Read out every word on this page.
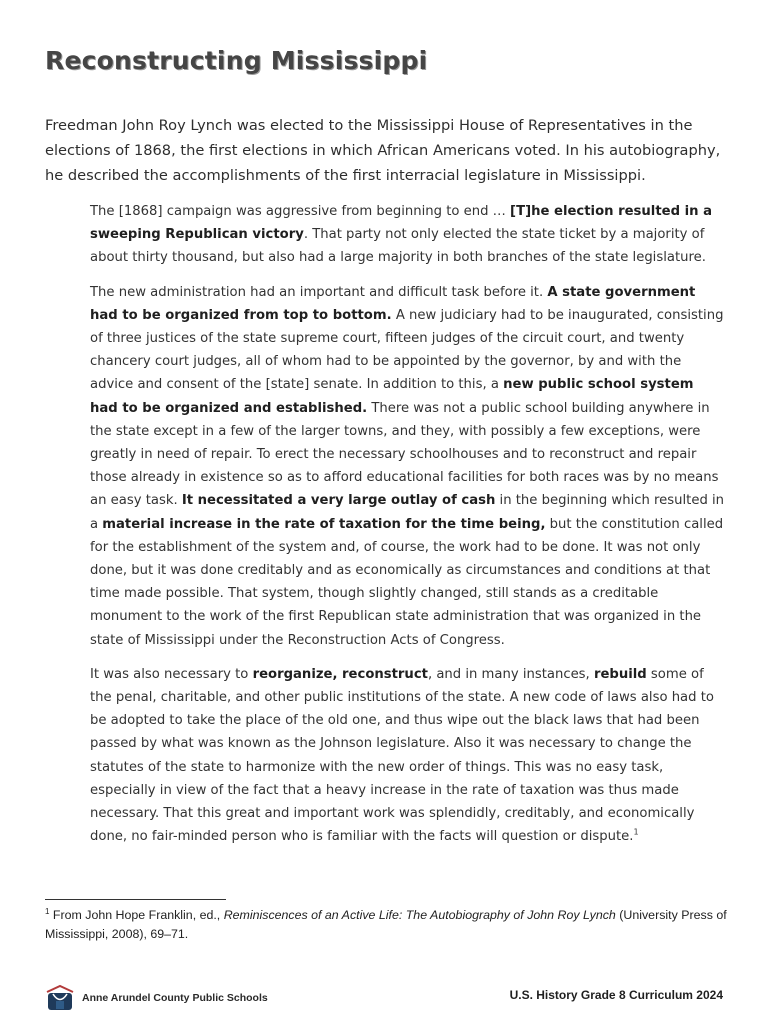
Reconstructing Mississippi

Freedman John Roy Lynch was elected to the Mississippi House of Representatives in the elections of 1868, the first elections in which African Americans voted. In his autobiography, he described the accomplishments of the first interracial legislature in Mississippi.

The [1868] campaign was aggressive from beginning to end … [T]he election resulted in a sweeping Republican victory. That party not only elected the state ticket by a majority of about thirty thousand, but also had a large majority in both branches of the state legislature.

The new administration had an important and difficult task before it. A state government had to be organized from top to bottom. A new judiciary had to be inaugurated, consisting of three justices of the state supreme court, fifteen judges of the circuit court, and twenty chancery court judges, all of whom had to be appointed by the governor, by and with the advice and consent of the [state] senate. In addition to this, a new public school system had to be organized and established. There was not a public school building anywhere in the state except in a few of the larger towns, and they, with possibly a few exceptions, were greatly in need of repair. To erect the necessary schoolhouses and to reconstruct and repair those already in existence so as to afford educational facilities for both races was by no means an easy task. It necessitated a very large outlay of cash in the beginning which resulted in a material increase in the rate of taxation for the time being, but the constitution called for the establishment of the system and, of course, the work had to be done. It was not only done, but it was done creditably and as economically as circumstances and conditions at that time made possible. That system, though slightly changed, still stands as a creditable monument to the work of the first Republican state administration that was organized in the state of Mississippi under the Reconstruction Acts of Congress.

It was also necessary to reorganize, reconstruct, and in many instances, rebuild some of the penal, charitable, and other public institutions of the state. A new code of laws also had to be adopted to take the place of the old one, and thus wipe out the black laws that had been passed by what was known as the Johnson legislature. Also it was necessary to change the statutes of the state to harmonize with the new order of things. This was no easy task, especially in view of the fact that a heavy increase in the rate of taxation was thus made necessary. That this great and important work was splendidly, creditably, and economically done, no fair-minded person who is familiar with the facts will question or dispute.$^1$

$^1$ From John Hope Franklin, ed., Reminiscences of an Active Life: The Autobiography of John Roy Lynch (University Press of Mississippi, 2008), 69–71.

Anne Arundel County Public Schools	U.S. History Grade 8 Curriculum 2024
